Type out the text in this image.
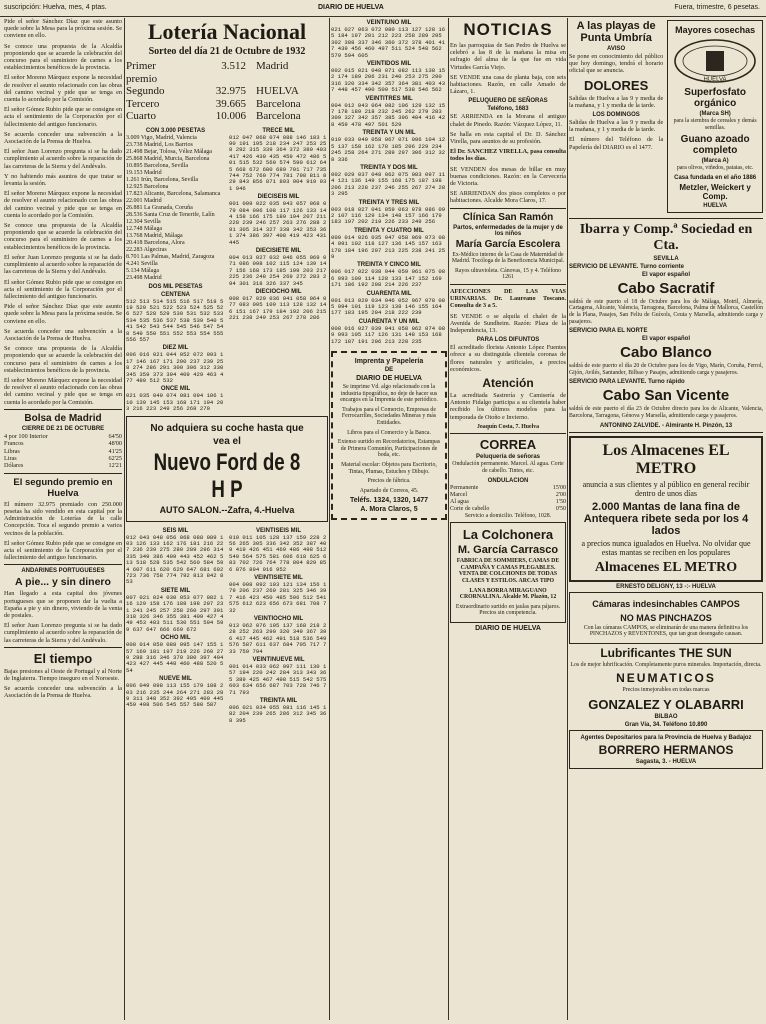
suscripción: Huelva, mes, 4 ptas.	DIARIO DE HUELVA	Fuera, trimestre, 6 pesetas.

Pide el señor Sánchez Díaz que este asunto quede sobre la Mesa para la próxima sesión. Se conviene en ello.

Se conoce una propuesta de la Alcaldía proponiendo que se acuerde la celebración del concurso para el suministro de carnes a los establecimientos benéficos de la provincia.

El señor Moreno Márquez expone la necesidad de resolver el asunto relacionado con las obras del camino vecinal y pide que se tenga en cuenta lo acordado por la Comisión.

El señor Gómez Rubio pide que se consigne en acta el sentimiento de la Corporación por el fallecimiento del antiguo funcionario.

Se acuerda conceder una subvención a la Asociación de la Prensa de Huelva.

El señor Juan Lorenzo pregunta si se ha dado cumplimiento al acuerdo sobre la reparación de las carreteras de la Sierra y del Andévalo.

Y no habiendo más asuntos de que tratar se levanta la sesión.

El señor Moreno Márquez expone la necesidad de resolver el asunto relacionado con las obras del camino vecinal y pide que se tenga en cuenta lo acordado por la Comisión.

Se conoce una propuesta de la Alcaldía proponiendo que se acuerde la celebración del concurso para el suministro de carnes a los establecimientos benéficos de la provincia.

El señor Juan Lorenzo pregunta si se ha dado cumplimiento al acuerdo sobre la reparación de las carreteras de la Sierra y del Andévalo.

El señor Gómez Rubio pide que se consigne en acta el sentimiento de la Corporación por el fallecimiento del antiguo funcionario.

Pide el señor Sánchez Díaz que este asunto quede sobre la Mesa para la próxima sesión. Se conviene en ello.

Se acuerda conceder una subvención a la Asociación de la Prensa de Huelva.

Se conoce una propuesta de la Alcaldía proponiendo que se acuerde la celebración del concurso para el suministro de carnes a los establecimientos benéficos de la provincia.

El señor Moreno Márquez expone la necesidad de resolver el asunto relacionado con las obras del camino vecinal y pide que se tenga en cuenta lo acordado por la Comisión.

Bolsa de Madrid
CIERRE DE 21 DE OCTUBRE
4 por 100 Interior	64'50
Francos	48'00
Libras	41'25
Liras	62'25
Dólares	12'21
El segundo premio en Huelva

El número 32.975 premiado con 250.000 pesetas ha sido vendido en esta capital por la Administración de Loterías de la calle Concepción. Toca el segundo premio a varios vecinos de la población.

El señor Gómez Rubio pide que se consigne en acta el sentimiento de la Corporación por el fallecimiento del antiguo funcionario.

ANDARINES PORTUGUESES
A pie... y sin dinero

Han llegado a esta capital dos jóvenes portugueses que se proponen dar la vuelta a España a pie y sin dinero, viviendo de la venta de postales.

El señor Juan Lorenzo pregunta si se ha dado cumplimiento al acuerdo sobre la reparación de las carreteras de la Sierra y del Andévalo.

El tiempo

Bajas presiones al Oeste de Portugal y al Norte de Inglaterra. Tiempo inseguro en el Noroeste.

Se acuerda conceder una subvención a la Asociación de la Prensa de Huelva.

Lotería Nacional
Sorteo del día 21 de Octubre de 1932
Primer premio
3.512 Madrid
Segundo	32.975 HUELVA
Tercero	39.665 Barcelona
Cuarto	10.006 Barcelona
CON 3.000 PESETAS
3.009 Vigo, Madrid, Valencia
23.738 Madrid, Los Barrios
21.498 Bejar, Tolosa, Vélez Málaga
25.868 Madrid, Murcia, Barcelona
10.895 Barcelona, Sevilla
19.153 Madrid
1.261 Irún, Barcelona, Sevilla
12.925 Barcelona
17.823 Alicante, Barcelona, Salamanca
22.001 Madrid
26.881 La Granada, Coruña
28.536 Santa Cruz de Tenerife, Lalín
12.304 Sevilla
12.748 Málaga
13.768 Madrid, Málaga
20.418 Barcelona, Alora
22.283 Algeciras
8.701 Las Palmas, Madrid, Zaragoza
4.241 Sevilla
5.134 Málaga
23.498 Madrid
DOS MIL PESETAS
CENTENA
512 513 514 515 516 517 518 519 520 521 522 523 524 525 526 527 528 529 530 531 532 533 534 535 536 537 538 539 540 541 542 543 544 545 546 547 548 549 550 551 552 553 554 555 556 557
DIEZ MIL
006 016 021 044 052 072 093 117 146 167 171 200 237 239 258 274 286 291 300 306 312 330 345 359 373 394 409 429 463 477 480 512 532
ONCE MIL
021 035 049 074 081 094 106 110 139 145 153 168 171 194 203 216 223 249 256 268 279
TRECE MIL
012 047 068 074 088 146 183 190 191 195 218 234 247 253 258 292 315 339 364 372 389 403 417 426 430 435 459 472 486 501 515 532 560 574 590 612 645 668 672 680 689 701 717 735 744 752 760 774 781 798 811 829 843 856 871 893 904 919 931 946
DIECISEIS MIL
001 009 022 035 043 057 068 079 084 096 108 117 126 133 144 158 166 175 189 194 207 211 228 239 246 257 263 276 288 291 305 314 327 338 342 353 361 374 386 397 408 419 423 431 445
DIECISIETE MIL
004 013 027 032 046 055 069 071 086 098 102 115 124 139 147 156 168 173 185 199 203 217 225 236 248 254 269 272 283 294 301 318 326 337 345
DIECIOCHO MIL
008 017 029 036 041 058 064 077 083 095 109 113 128 132 146 151 167 179 184 192 206 215 221 238 249 253 267 278 286
No adquiera su coche hasta que
vea el
Nuevo Ford de 8 H P
AUTO SALON.--Zafra, 4.-Huelva
SEIS MIL
012 043 048 056 068 088 089 103 126 133 162 176 181 216 227 236 239 275 280 289 296 314 335 349 386 409 443 452 462 513 518 528 535 542 560 584 594 607 611 620 629 647 681 692 723 736 758 774 792 813 842 853
SIETE MIL
007 021 024 030 053 077 082 116 129 158 176 188 198 207 231 241 245 257 258 260 297 301 318 326 346 355 381 409 427 449 453 483 511 530 551 594 599 637 647 666 669 672
OCHO MIL
008 014 050 088 095 147 155 157 169 181 197 219 226 260 279 288 316 346 379 380 397 404 423 427 445 448 460 488 520 554
NUEVE MIL
006 049 098 113 155 179 188 203 216 235 244 264 271 283 289 311 348 352 392 405 409 445 459 498 506 545 557 580 587
VEINTISEIS MIL
010 011 105 128 137 159 228 256 265 305 336 342 352 387 409 419 426 451 469 486 498 512 540 564 575 581 606 618 625 683 702 726 764 778 804 829 856 876 894 916 952
VEINTISIETE MIL
004 008 092 103 121 134 156 179 206 237 269 281 325 346 397 416 423 450 485 506 512 541 575 612 623 656 673 681 708 732
VEINTIOCHO MIL
013 062 076 105 137 168 218 228 252 263 290 320 349 367 396 417 445 462 491 518 536 549 576 587 611 637 684 705 717 733 759 794
VEINTINUEVE MIL
001 014 033 062 097 111 130 157 194 220 242 284 313 343 365 389 425 467 498 515 542 575 603 634 656 687 703 728 746 771 793
TREINTA MIL
006 021 034 055 081 116 145 182 204 239 265 286 312 345 368 395
VEINTIUNO MIL
021 027 063 072 080 113 127 128 165 184 197 201 212 223 258 289 295 302 308 337 346 360 372 378 401 417 439 456 460 497 511 524 548 562 579 594 605
VEINTIDOS MIL
002 015 021 048 071 082 113 138 152 174 189 206 231 240 253 275 290 316 320 334 342 357 364 381 403 437 448 457 490 509 517 538 546 562
VEINTITRES MIL
004 012 043 064 082 106 129 132 157 178 189 218 232 245 262 279 283 309 327 342 357 385 396 404 416 428 459 478 497 501 529
TREINTA Y UN MIL
019 033 040 058 067 071 096 104 125 137 158 162 178 185 206 229 234 245 258 264 271 289 297 306 312 328 336
TREINTA Y DOS MIL
002 029 037 048 062 075 083 097 114 121 136 149 155 168 175 187 198 206 213 228 237 246 255 267 274 283 295
TREINTA Y TRES MIL
003 018 027 041 059 063 078 086 092 107 116 129 134 148 157 166 179 183 197 202 219 226 233 249 256
TREINTA Y CUATRO MIL
009 014 026 035 047 058 069 073 084 091 102 118 127 136 145 157 163 178 184 196 207 213 225 238 241 259
TREINTA Y CINCO MIL
006 017 022 038 044 059 061 075 086 093 109 114 128 133 147 152 169 171 186 192 208 214 226 237
CUARENTA MIL
001 013 029 034 046 052 067 078 085 094 101 119 123 138 146 155 164 177 183 195 204 218 222 239
CUARENTA Y UN MIL
008 016 027 039 041 058 062 074 089 093 105 117 126 131 148 153 168 172 187 191 206 213 228 235
Imprenta y Papelería
DE
DIARIO DE HUELVA

Se imprime Vd. algo relacionado con la industria tipográfica, no deje de hacer sus encargos en la Imprenta de este periódico.

Trabajos para el Comercio, Empresas de Ferrocarriles, Sociedades Mineras y más Entidades.

Libros para el Comercio y la Banca.

Extenso surtido en Recordatorios, Estampas de Primera Comunión, Participaciones de boda, etc.

Material escolar: Objetos para Escritorio, Tintas, Plumas, Estuches y Dibujo.

Precios de fábrica.

Apartado de Correos, 45.

Teléfs. 1324, 1320, 1477
A. Mora Claros, 5
NOTICIAS

En las parroquias de San Pedro de Huelva se celebró a las 8 de la mañana la misa en sufragio del alma de la que fue en vida Virtudes García Viejo.

SE VENDE una casa de planta baja, con seis habitaciones. Razón, en calle Amado de Lázaro, 1.

PELUQUERO DE SEÑORAS
Teléfono, 1683

SE ARRIENDA en la Morana el antiguo chalet de Pinedo. Razón: Vázquez López, 11.

Se halla en esta capital el Dr. D. Sánchez Virella, para asuntos de su profesión.

El Dr. SANCHEZ VIRELLA, pasa consulta todos los días.

SE VENDEN dos mesas de billar en muy buenas condiciones. Razón: en la Cervecería de Victoria.

SE ARRIENDAN dos pisos completos o por habitaciones. Alcalde Mora Claros, 17.

Clínica San Ramón
Partos, enfermedades de la mujer y de los niños
María García Escolera

Ex-Médico interno de la Casa de Maternidad de Madrid. Tocóloga de la Beneficencia Municipal.

Rayos ultravioleta. Cánovas, 15 y 4. Teléfono 1261

AFECCIONES DE LAS VIAS URINARIAS. Dr. Laureano Toscano. Consulta de 3 a 5.

SE VENDE o se alquila el chalet de la Avenida de Sundheim. Razón: Plaza de la Independencia, 13.

PARA LOS DIFUNTOS

El acreditado florista Antonio López Fuentes ofrece a su distinguida clientela coronas de flores naturales y artificiales, a precios económicos.

Atención

La acreditada Sastrería y Camisería de Antonio Fidalgo participa a su clientela haber recibido los últimos modelos para la temporada de Otoño e Invierno.

Joaquín Costa, 7. Huelva

CORREA
Peluquería de señoras

Ondulación permanente. Marcel. Al agua. Corte de cabello. Tintes, etc.

ONDULACION
Permanente	15'00
Marcel	2'00
Al agua	1'50
Corte de cabello	0'50

Servicio a domicilio. Teléfono, 1028.

La Colchonera
M. García Carrasco

FABRICA DE SOMMIERS, CAMAS DE CAMPAÑA Y CAMAS PLEGABLES. VENTA DE COLCHONES DE TODAS CLASES Y ESTILOS. ARCAS TIPO

LANA BORRA MIRAGUANO CRORNALINA. Alcalde M. Plazón, 12

Extraordinario surtido en jaulas para pájaros. Precios sin competencia.

DIARIO DE HUELVA
A las playas de Punta Umbría
AVISO

Se pone en conocimiento del público que hoy domingo, tendrá el horario oficial que se anuncia.

DOLORES

Salidas de Huelva a las 9 y media de la mañana, y 1 y media de la tarde.

LOS DOMINGOS

Salidas de Huelva a las 9 y media de la mañana, y 1 y media de la tarde.

El número del Teléfono de la Papelería del DIARIO es el 1477.

Mayores cosechas
HUELVA
Superfosfato orgánico
(Marca SH)

para la siembra de cereales y demás semillas.

Guano azoado completo
(Marca A)

para olivos, viñedos, patatas, etc.

Casa fundada en el año 1886
Metzler, Weickert y Comp.
HUELVA
Ibarra y Comp.ª Sociedad en Cta.
SEVILLA
SERVICIO DE LEVANTE. Turno corriente
El vapor español
Cabo Sacratif

saldrá de este puerto el 18 de Octubre para los de Málaga, Motril, Almería, Cartagena, Alicante, Valencia, Tarragona, Barcelona, Palma de Mallorca, Castellón de la Plana, Pasajes, San Feliu de Guíxols, Ceuta y Marsella, admitiendo carga y pasajeros.

SERVICIO PARA EL NORTE
El vapor español
Cabo Blanco

saldrá de este puerto el día 20 de Octubre para los de Vigo, Marín, Coruña, Ferrol, Gijón, Avilés, Santander, Bilbao y Pasajes, admitiendo carga y pasajeros.

SERVICIO PARA LEVANTE. Turno rápido
Cabo San Vicente

saldrá de este puerto el día 23 de Octubre directo para los de Alicante, Valencia, Barcelona, Tarragona, Génova y Marsella, admitiendo carga y pasajeros.

ANTONINO ZALVIDE. - Almirante H. Pinzón, 13
Los Almacenes EL METRO

anuncia a sus clientes y al público en general recibir dentro de unos días

2.000 Mantas de lana fina de Antequera ribete seda por los 4 lados

a precios nunca igualados en Huelva. No olvidar que estas mantas se reciben en los populares

Almacenes EL METRO
ERNESTO DELIGNY, 13 -:- HUELVA
Cámaras indesinchables CAMPOS
NO MAS PINCHAZOS

Con las cámaras CAMPOS, se eliminarán de una manera definitiva los PINCHAZOS y REVENTONES, que tan gran desengaño causan.

Lubrificantes THE SUN

Los de mejor lubrificación. Completamente puros minerales. Importación, directa.

NEUMATICOS

Precios inmejorables en todas marcas

GONZALEZ Y OLABARRI
BILBAO
Gran Vía, 34. Teléfono 10.890
Agentes Depositarios para la Provincia de Huelva y Badajoz
BORRERO HERMANOS
Sagasta, 3. - HUELVA
